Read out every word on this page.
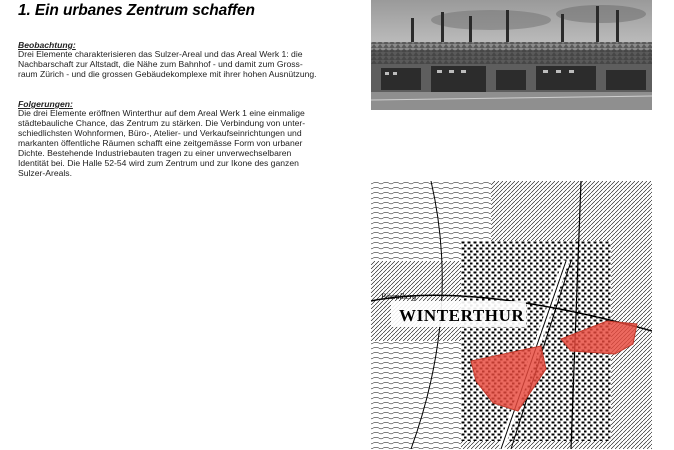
1. Ein urbanes Zentrum schaffen
Beobachtung:
Drei Elemente charakterisieren das Sulzer-Areal und das Areal Werk 1: die
Nachbarschaft zur Altstadt, die Nähe zum Bahnhof - und damit zum Gross-
raum Zürich - und die grossen Gebäudekomplexe mit ihrer hohen Ausnützung.
Folgerungen:
Die drei Elemente eröffnen Winterthur auf dem Areal Werk 1 eine einmalige
städtebauliche Chance, das Zentrum zu stärken. Die Verbindung von unter-
schiedlichsten Wohnformen, Büro-, Atelier- und Verkaufseinrichtungen und
markanten öffentliche Räumen schafft eine zeitgemässe Form von urbaner
Dichte. Bestehende Industriebauten tragen zu einer unverwechselbaren
Identität bei. Die Halle 52-54 wird zum Zentrum und zur Ikone des ganzen
Sulzer-Areals.
WINTERTHUR
Bäumlberg
